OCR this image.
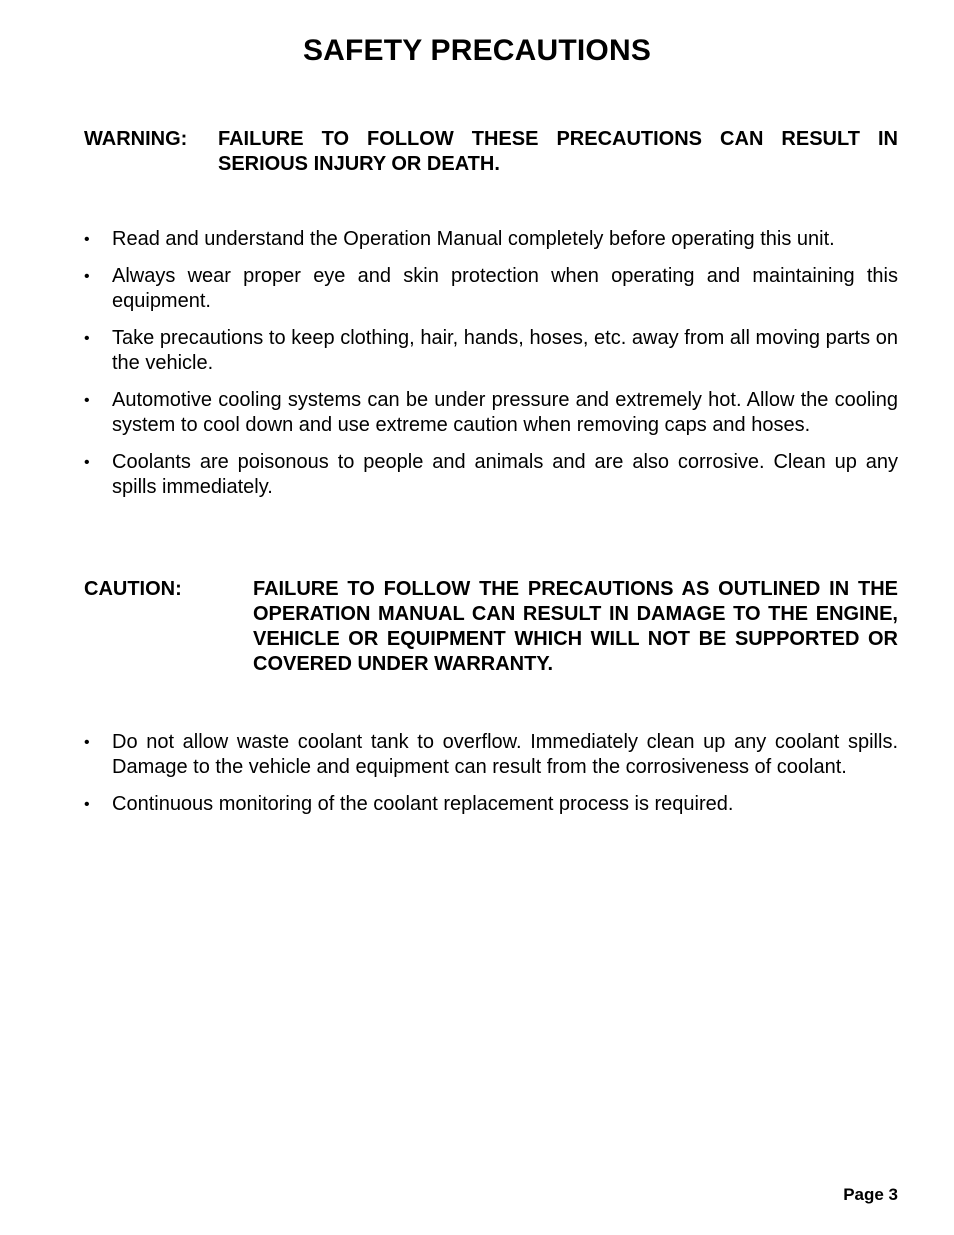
SAFETY PRECAUTIONS
WARNING: FAILURE TO FOLLOW THESE PRECAUTIONS CAN RESULT IN SERIOUS INJURY OR DEATH.
• Read and understand the Operation Manual completely before operating this unit.
• Always wear proper eye and skin protection when operating and maintaining this equipment.
• Take precautions to keep clothing, hair, hands, hoses, etc. away from all moving parts on the vehicle.
• Automotive cooling systems can be under pressure and extremely hot. Allow the cooling system to cool down and use extreme caution when removing caps and hoses.
• Coolants are poisonous to people and animals and are also corrosive. Clean up any spills immediately.
CAUTION:	FAILURE TO FOLLOW THE PRECAUTIONS AS OUTLINED IN THE OPERATION MANUAL CAN RESULT IN DAMAGE TO THE ENGINE, VEHICLE OR EQUIPMENT WHICH WILL NOT BE SUPPORTED OR COVERED UNDER WARRANTY.
• Do not allow waste coolant tank to overflow. Immediately clean up any coolant spills. Damage to the vehicle and equipment can result from the corrosiveness of coolant.
• Continuous monitoring of the coolant replacement process is required.
Page 3
